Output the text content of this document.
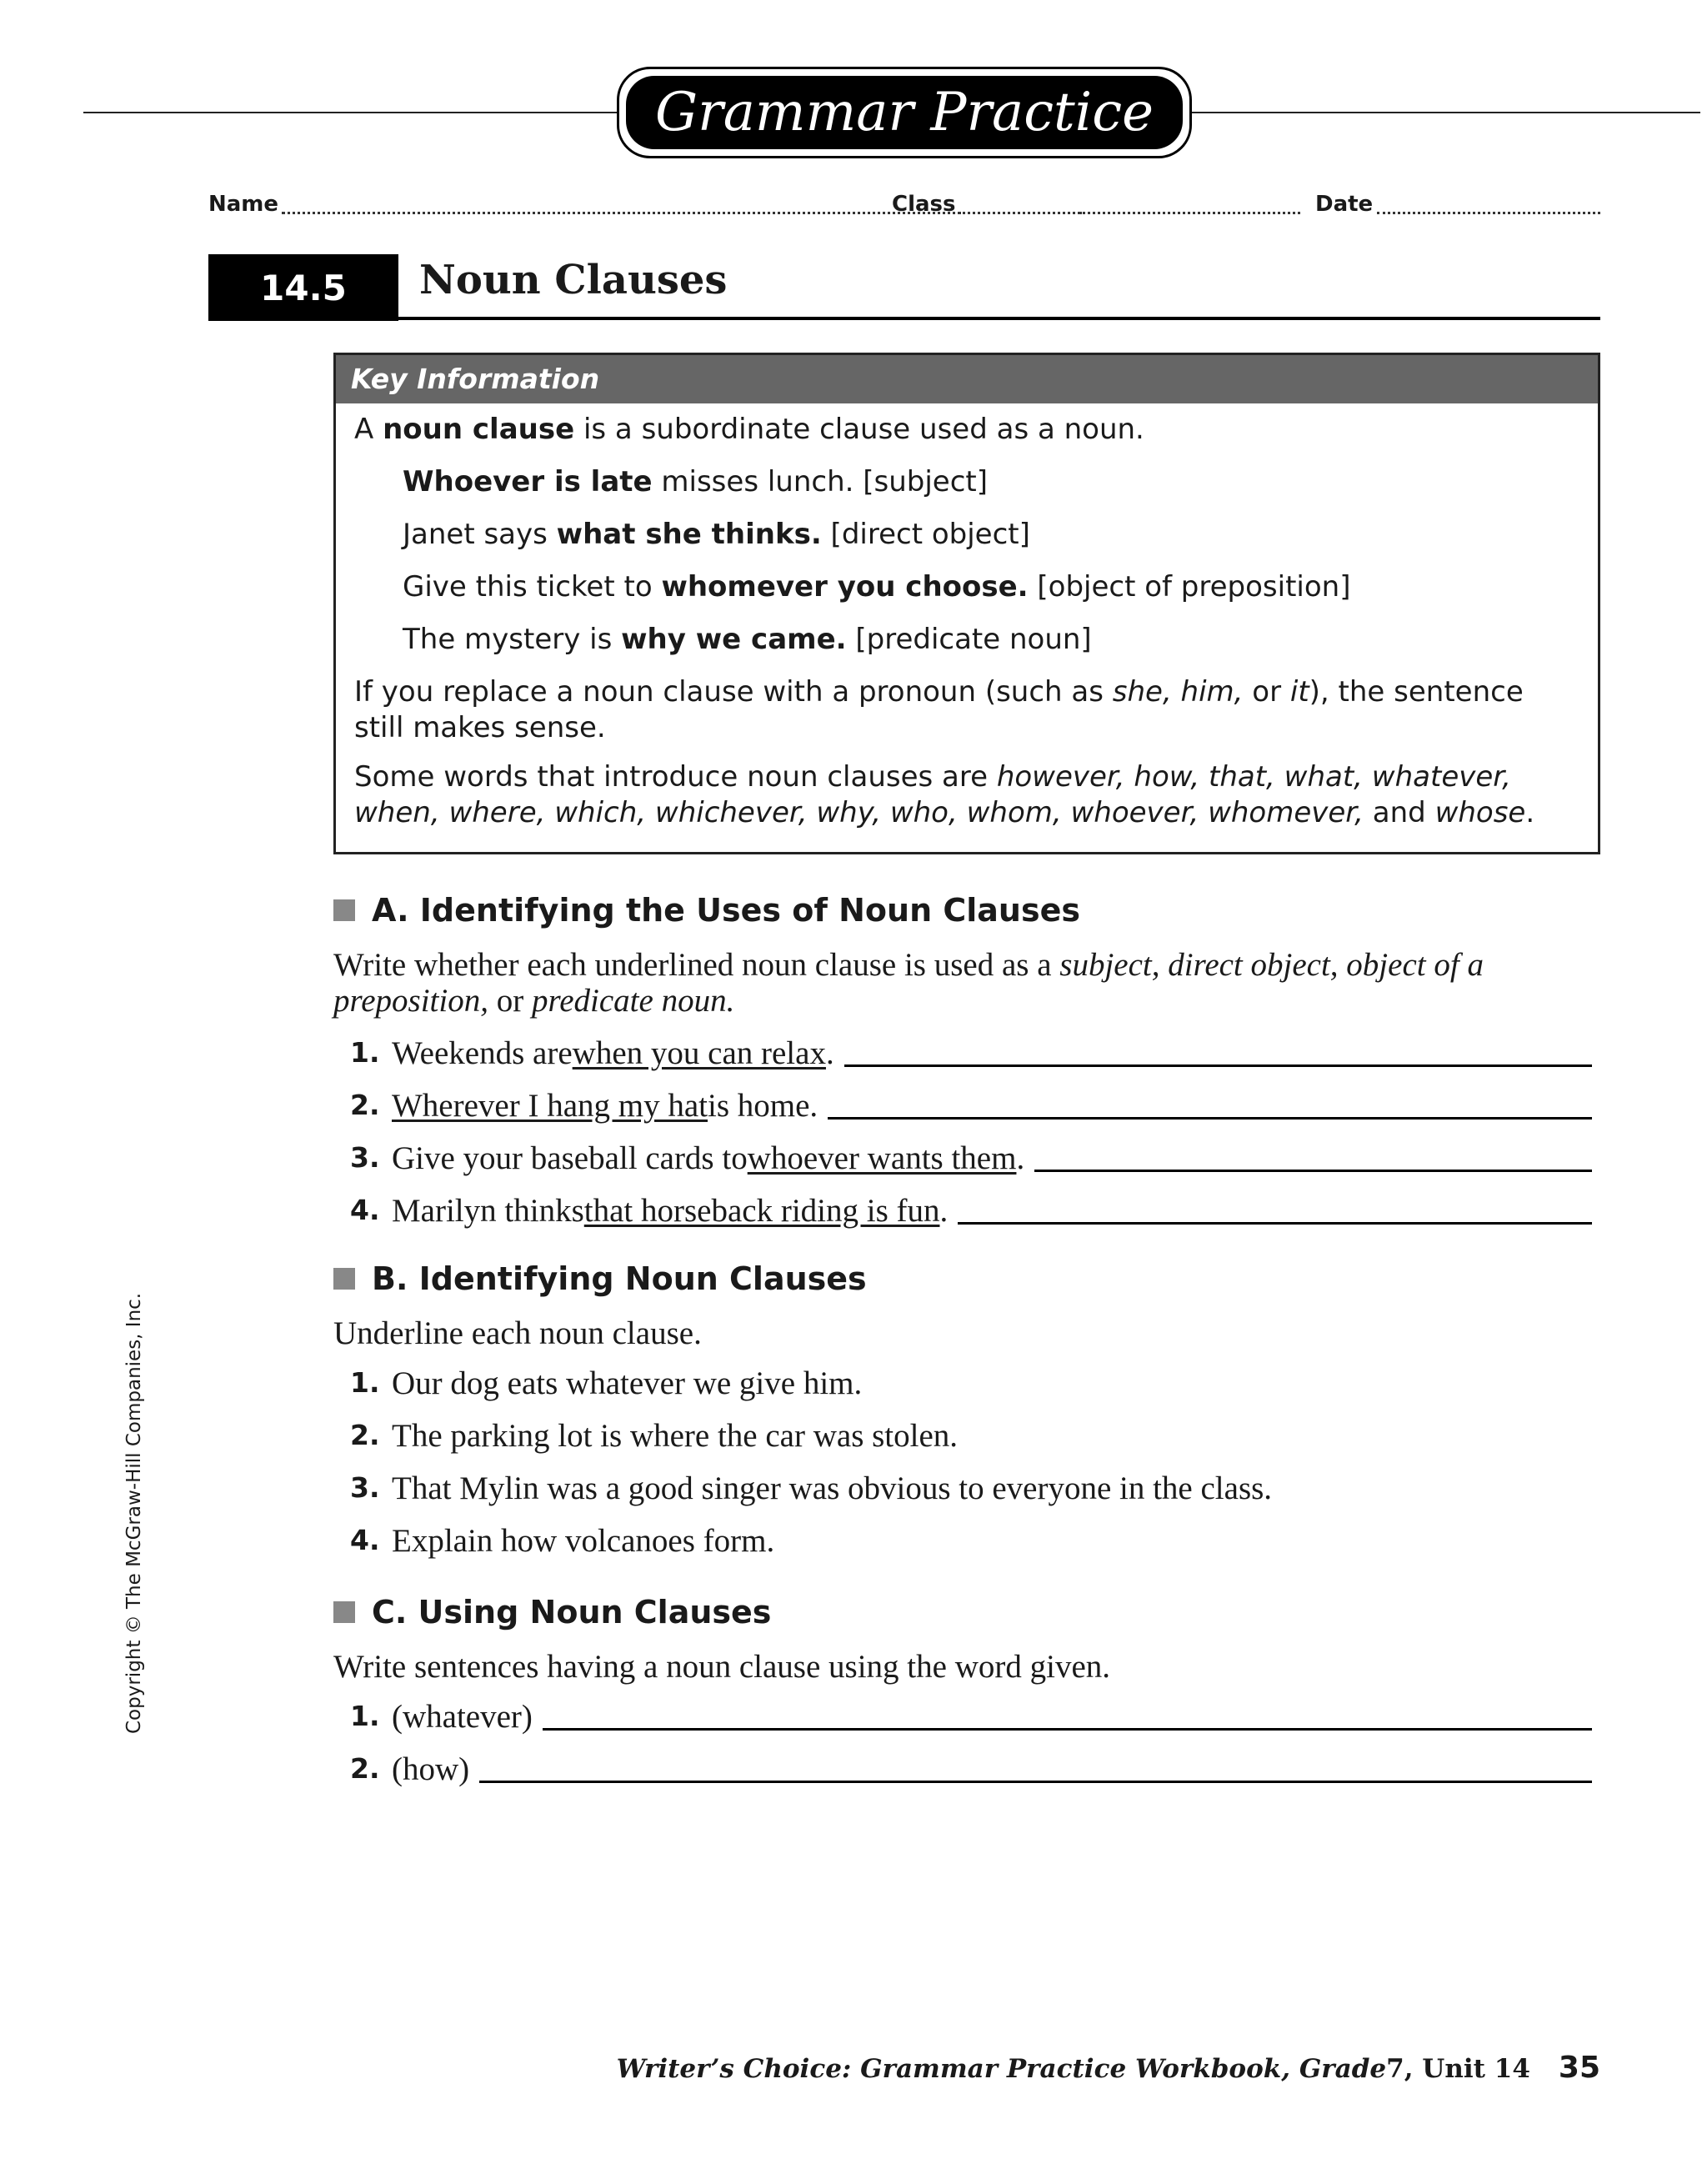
Grammar Practice
Name	Class	Date
14.5 Noun Clauses
Key Information

A noun clause is a subordinate clause used as a noun.

Whoever is late misses lunch. [subject]

Janet says what she thinks. [direct object]

Give this ticket to whomever you choose. [object of preposition]

The mystery is why we came. [predicate noun]

If you replace a noun clause with a pronoun (such as she, him, or it), the sentence still makes sense.

Some words that introduce noun clauses are however, how, that, what, whatever, when, where, which, whichever, why, who, whom, whoever, whomever, and whose.

A. Identifying the Uses of Noun Clauses
Write whether each underlined noun clause is used as a subject, direct object, object of a preposition, or predicate noun.
1. Weekends are when you can relax .
2. Wherever I hang my hat is home.
3. Give your baseball cards to whoever wants them .
4. Marilyn thinks that horseback riding is fun .
B. Identifying Noun Clauses
Underline each noun clause.
1. Our dog eats whatever we give him.
2. The parking lot is where the car was stolen.
3. That Mylin was a good singer was obvious to everyone in the class.
4. Explain how volcanoes form.
C. Using Noun Clauses
Write sentences having a noun clause using the word given.
1. (whatever)
2. (how)
Copyright © The McGraw-Hill Companies, Inc.
Writer’s Choice: Grammar Practice Workbook, Grade 7 , Unit 14 35
